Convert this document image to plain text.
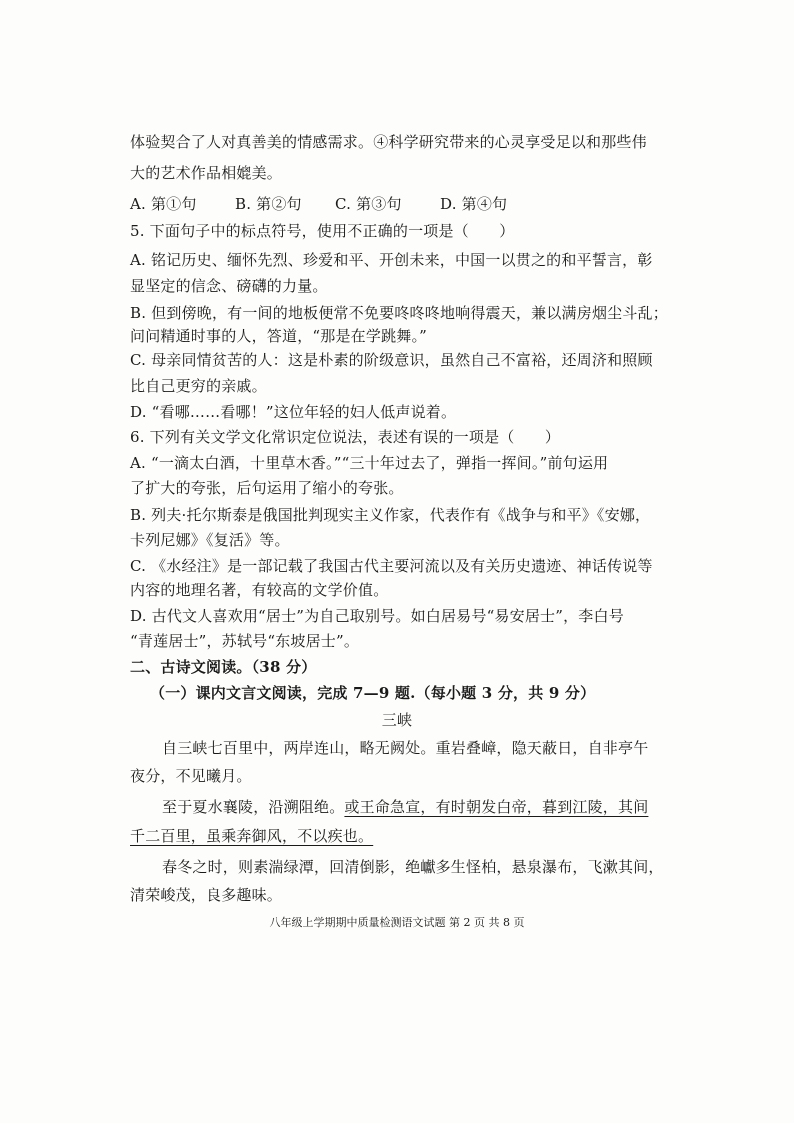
体验契合了人对真善美的情感需求。④科学研究带来的心灵享受足以和那些伟
大的艺术作品相媲美。
A. 第①句	B. 第②句 C. 第③句	D. 第④句
5. 下面句子中的标点符号，使用不正确的一项是（　　）
A. 铭记历史、缅怀先烈、珍爱和平、开创未来，中国一以贯之的和平誓言，彰
显坚定的信念、磅礴的力量。
B. 但到傍晚，有一间的地板便常不免要咚咚咚地响得震天，兼以满房烟尘斗乱；
问问精通时事的人，答道，“那是在学跳舞。”
C. 母亲同情贫苦的人：这是朴素的阶级意识，虽然自己不富裕，还周济和照顾
比自己更穷的亲戚。
D. “看哪……看哪！”这位年轻的妇人低声说着。
6. 下列有关文学文化常识定位说法，表述有误的一项是（　　）
A. “一滴太白酒，十里草木香。”“三十年过去了，弹指一挥间。”前句运用
了扩大的夸张，后句运用了缩小的夸张。
B. 列夫·托尔斯泰是俄国批判现实主义作家，代表作有《战争与和平》《安娜，
卡列尼娜》《复活》等。
C. 《水经注》是一部记载了我国古代主要河流以及有关历史遗迹、神话传说等
内容的地理名著，有较高的文学价值。
D. 古代文人喜欢用“居士”为自己取别号。如白居易号“易安居士”，李白号
“青莲居士”，苏轼号“东坡居士”。
二、古诗文阅读。（38 分）
（一）课内文言文阅读，完成 7—9 题.（每小题 3 分，共 9 分）
三峡
自三峡七百里中，两岸连山，略无阙处。重岩叠嶂，隐天蔽日，自非亭午
夜分，不见曦月。
至于夏水襄陵，沿溯阻绝。或王命急宣，有时朝发白帝，暮到江陵，其间
千二百里，虽乘奔御风，不以疾也。
春冬之时，则素湍绿潭，回清倒影，绝巘多生怪柏，悬泉瀑布，飞漱其间，
清荣峻茂，良多趣味。
八年级上学期期中质量检测语文试题 第 2 页 共 8 页
